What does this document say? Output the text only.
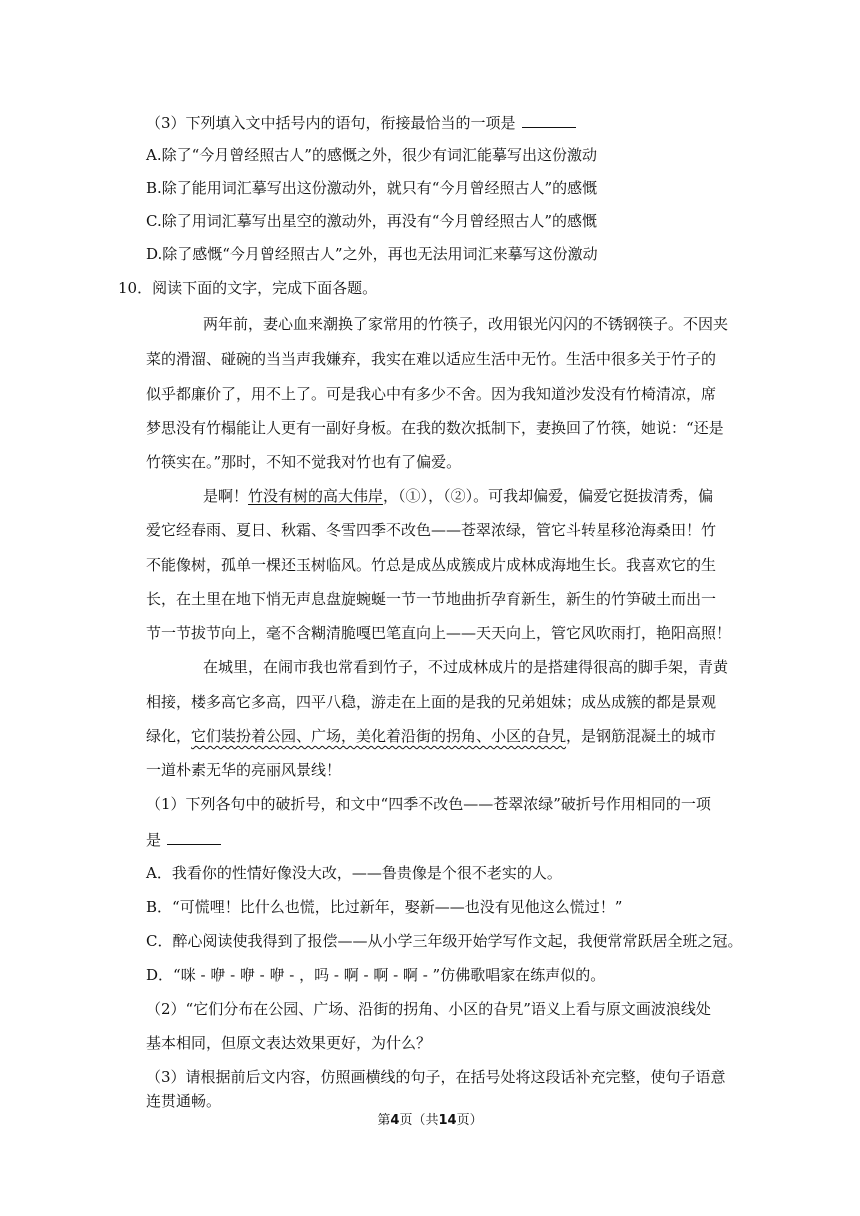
（3）下列填入文中括号内的语句，衔接最恰当的一项是
A.除了“今月曾经照古人”的感慨之外，很少有词汇能摹写出这份激动
B.除了能用词汇摹写出这份激动外，就只有“今月曾经照古人”的感慨
C.除了用词汇摹写出星空的激动外，再没有“今月曾经照古人”的感慨
D.除了感慨“今月曾经照古人”之外，再也无法用词汇来摹写这份激动
10．阅读下面的文字，完成下面各题。
两年前，妻心血来潮换了家常用的竹筷子，改用银光闪闪的不锈钢筷子。不因夹
菜的滑溜、碰碗的当当声我嫌弃，我实在难以适应生活中无竹。生活中很多关于竹子的
似乎都廉价了，用不上了。可是我心中有多少不舍。因为我知道沙发没有竹椅清凉，席
梦思没有竹榻能让人更有一副好身板。在我的数次抵制下，妻换回了竹筷，她说：“还是
竹筷实在。”那时，不知不觉我对竹也有了偏爱。
是啊！竹没有树的高大伟岸，（①），（②）。可我却偏爱，偏爱它挺拔清秀，偏
爱它经春雨、夏日、秋霜、冬雪四季不改色——苍翠浓绿，管它斗转星移沧海桑田！竹
不能像树，孤单一棵还玉树临风。竹总是成丛成簇成片成林成海地生长。我喜欢它的生
长，在土里在地下悄无声息盘旋蜿蜒一节一节地曲折孕育新生，新生的竹笋破土而出一
节一节拔节向上，毫不含糊清脆嘎巴笔直向上——天天向上，管它风吹雨打，艳阳高照！
在城里，在闹市我也常看到竹子，不过成林成片的是搭建得很高的脚手架，青黄
相接，楼多高它多高，四平八稳，游走在上面的是我的兄弟姐妹；成丛成簇的都是景观
绿化，它们装扮着公园、广场，美化着沿街的拐角、小区的旮旯，是钢筋混凝土的城市
一道朴素无华的亮丽风景线！
（1）下列各句中的破折号，和文中“四季不改色——苍翠浓绿”破折号作用相同的一项
是
A．我看你的性情好像没大改，——鲁贵像是个很不老实的人。
B．“可慌哩！比什么也慌，比过新年，娶新——也没有见他这么慌过！”
C．醉心阅读使我得到了报偿——从小学三年级开始学写作文起，我便常常跃居全班之冠。
D．“咪 - 咿 - 咿 - 咿 - ，吗 - 啊 - 啊 - 啊 - ”仿佛歌唱家在练声似的。
（2）“它们分布在公园、广场、沿街的拐角、小区的旮旯”语义上看与原文画波浪线处
基本相同，但原文表达效果更好，为什么？
（3）请根据前后文内容，仿照画横线的句子，在括号处将这段话补充完整，使句子语意
连贯通畅。
第4页（共14页）
